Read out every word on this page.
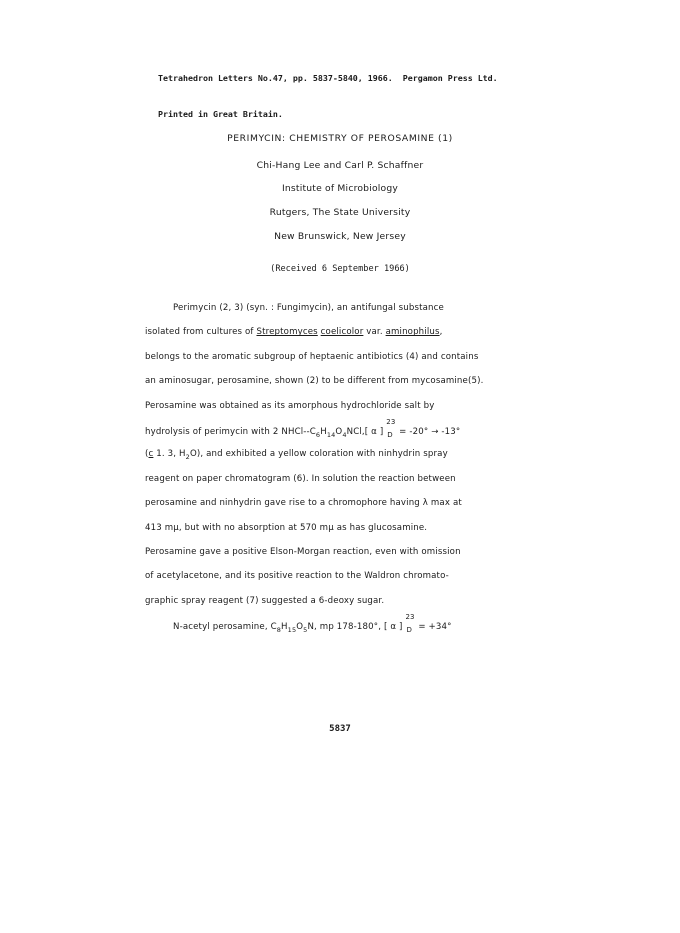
Tetrahedron Letters No.47, pp. 5837-5840, 1966.  Pergamon Press Ltd.

Printed in Great Britain.

PERIMYCIN: CHEMISTRY OF PEROSAMINE (1)
Chi-Hang Lee and Carl P. Schaffner
Institute of Microbiology
Rutgers, The State University
New Brunswick, New Jersey
(Received 6 September 1966)
Perimycin (2, 3) (syn. : Fungimycin), an antifungal substance
isolated from cultures of Streptomyces coelicolor var. aminophilus,
belongs to the aromatic subgroup of heptaenic antibiotics (4) and contains
an aminosugar, perosamine, shown (2) to be different from mycosamine(5).
Perosamine was obtained as its amorphous hydrochloride salt by
hydrolysis of perimycin with 2 NHCl-$-C_6H_{14}O_4NCl$,[ α ]
23
D = -20° → -13°
(c 1. 3, $H_2O$), and exhibited a yellow coloration with ninhydrin spray
reagent on paper chromatogram (6). In solution the reaction between
perosamine and ninhydrin gave rise to a chromophore having λ max at
413 mμ, but with no absorption at 570 mμ as has glucosamine.
Perosamine gave a positive Elson-Morgan reaction, even with omission
of acetylacetone, and its positive reaction to the Waldron chromato-
graphic spray reagent (7) suggested a 6-deoxy sugar.
N-acetyl perosamine, $C_8H_{15}O_5N$, mp 178-180°, [ α ]
23
D = +34°
5837
